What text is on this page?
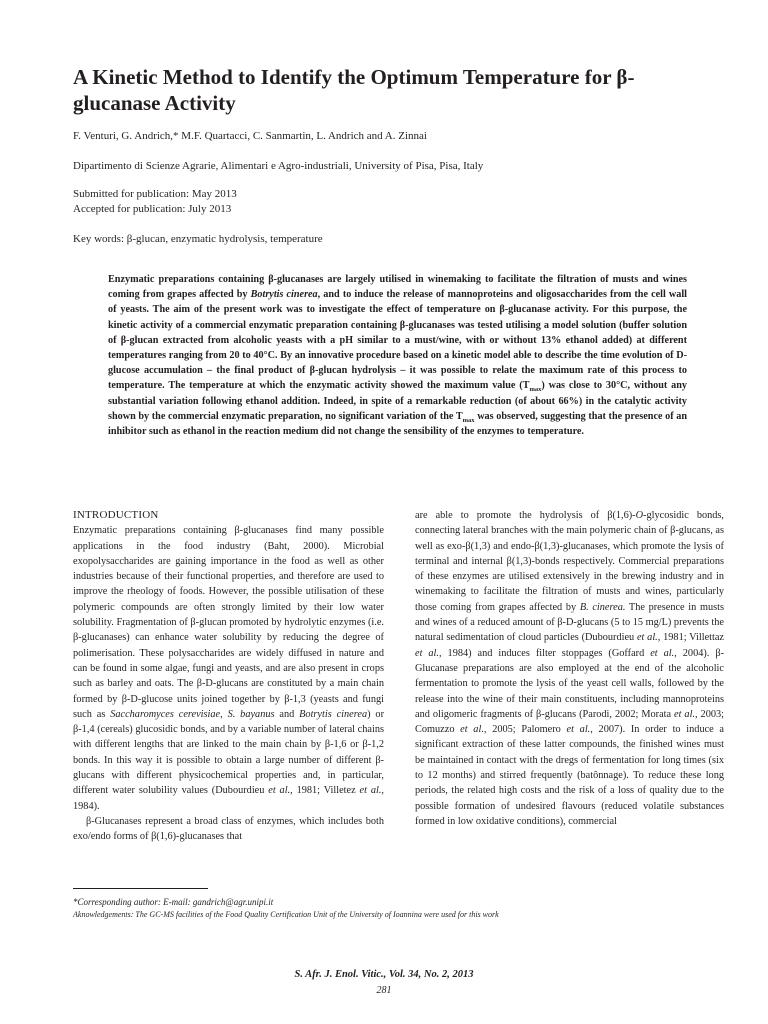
A Kinetic Method to Identify the Optimum Temperature for β-glucanase Activity

F. Venturi, G. Andrich,* M.F. Quartacci, C. Sanmartin, L. Andrich and A. Zinnai

Dipartimento di Scienze Agrarie, Alimentari e Agro-industriali, University of Pisa, Pisa, Italy

Submitted for publication: May 2013

Accepted for publication: July 2013

Key words: β-glucan, enzymatic hydrolysis, temperature

Enzymatic preparations containing β-glucanases are largely utilised in winemaking to facilitate the filtration of musts and wines coming from grapes affected by Botrytis cinerea, and to induce the release of mannoproteins and oligosaccharides from the cell wall of yeasts. The aim of the present work was to investigate the effect of temperature on β-glucanase activity. For this purpose, the kinetic activity of a commercial enzymatic preparation containing β-glucanases was tested utilising a model solution (buffer solution of β-glucan extracted from alcoholic yeasts with a pH similar to a must/wine, with or without 13% ethanol added) at different temperatures ranging from 20 to 40°C. By an innovative procedure based on a kinetic model able to describe the time evolution of D-glucose accumulation – the final product of β-glucan hydrolysis – it was possible to relate the maximum rate of this process to temperature. The temperature at which the enzymatic activity showed the maximum value $(T_{max})$ was close to 30°C, without any substantial variation following ethanol addition. Indeed, in spite of a remarkable reduction (of about 66%) in the catalytic activity shown by the commercial enzymatic preparation, no significant variation of the $T_{max}$ was observed, suggesting that the presence of an inhibitor such as ethanol in the reaction medium did not change the sensibility of the enzymes to temperature.

INTRODUCTION

Enzymatic preparations containing β-glucanases find many possible applications in the food industry (Baht, 2000). Microbial exopolysaccharides are gaining importance in the food as well as other industries because of their functional properties, and therefore are used to improve the rheology of foods. However, the possible utilisation of these polymeric compounds are often strongly limited by their low water solubility. Fragmentation of β-glucan promoted by hydrolytic enzymes (i.e. β-glucanases) can enhance water solubility by reducing the degree of polimerisation. These polysaccharides are widely diffused in nature and can be found in some algae, fungi and yeasts, and are also present in crops such as barley and oats. The β-D-glucans are constituted by a main chain formed by β-D-glucose units joined together by β-1,3 (yeasts and fungi such as Saccharomyces cerevisiae, S. bayanus and Botrytis cinerea) or β-1,4 (cereals) glucosidic bonds, and by a variable number of lateral chains with different lengths that are linked to the main chain by β-1,6 or β-1,2 bonds. In this way it is possible to obtain a large number of different β-glucans with different physicochemical properties and, in particular, different water solubility values (Dubourdieu et al., 1981; Villetez et al., 1984).

β-Glucanases represent a broad class of enzymes, which includes both exo/endo forms of β(1,6)-glucanases that

are able to promote the hydrolysis of β(1,6)-O-glycosidic bonds, connecting lateral branches with the main polymeric chain of β-glucans, as well as exo-β(1,3) and endo-β(1,3)-glucanases, which promote the lysis of terminal and internal β(1,3)-bonds respectively. Commercial preparations of these enzymes are utilised extensively in the brewing industry and in winemaking to facilitate the filtration of musts and wines, particularly those coming from grapes affected by B. cinerea. The presence in musts and wines of a reduced amount of β-D-glucans (5 to 15 mg/L) prevents the natural sedimentation of cloud particles (Dubourdieu et al., 1981; Villettaz et al., 1984) and induces filter stoppages (Goffard et al., 2004). β-Glucanase preparations are also employed at the end of the alcoholic fermentation to promote the lysis of the yeast cell walls, followed by the release into the wine of their main constituents, including mannoproteins and oligomeric fragments of β-glucans (Parodi, 2002; Morata et al., 2003; Comuzzo et al., 2005; Palomero et al., 2007). In order to induce a significant extraction of these latter compounds, the finished wines must be maintained in contact with the dregs of fermentation for long times (six to 12 months) and stirred frequently (batônnage). To reduce these long periods, the related high costs and the risk of a loss of quality due to the possible formation of undesired flavours (reduced volatile substances formed in low oxidative conditions), commercial

*Corresponding author: E-mail: gandrich@agr.unipi.it

Aknowledgements: The GC-MS facilities of the Food Quality Certification Unit of the University of Ioannina were used for this work

S. Afr. J. Enol. Vitic., Vol. 34, No. 2, 2013

281
